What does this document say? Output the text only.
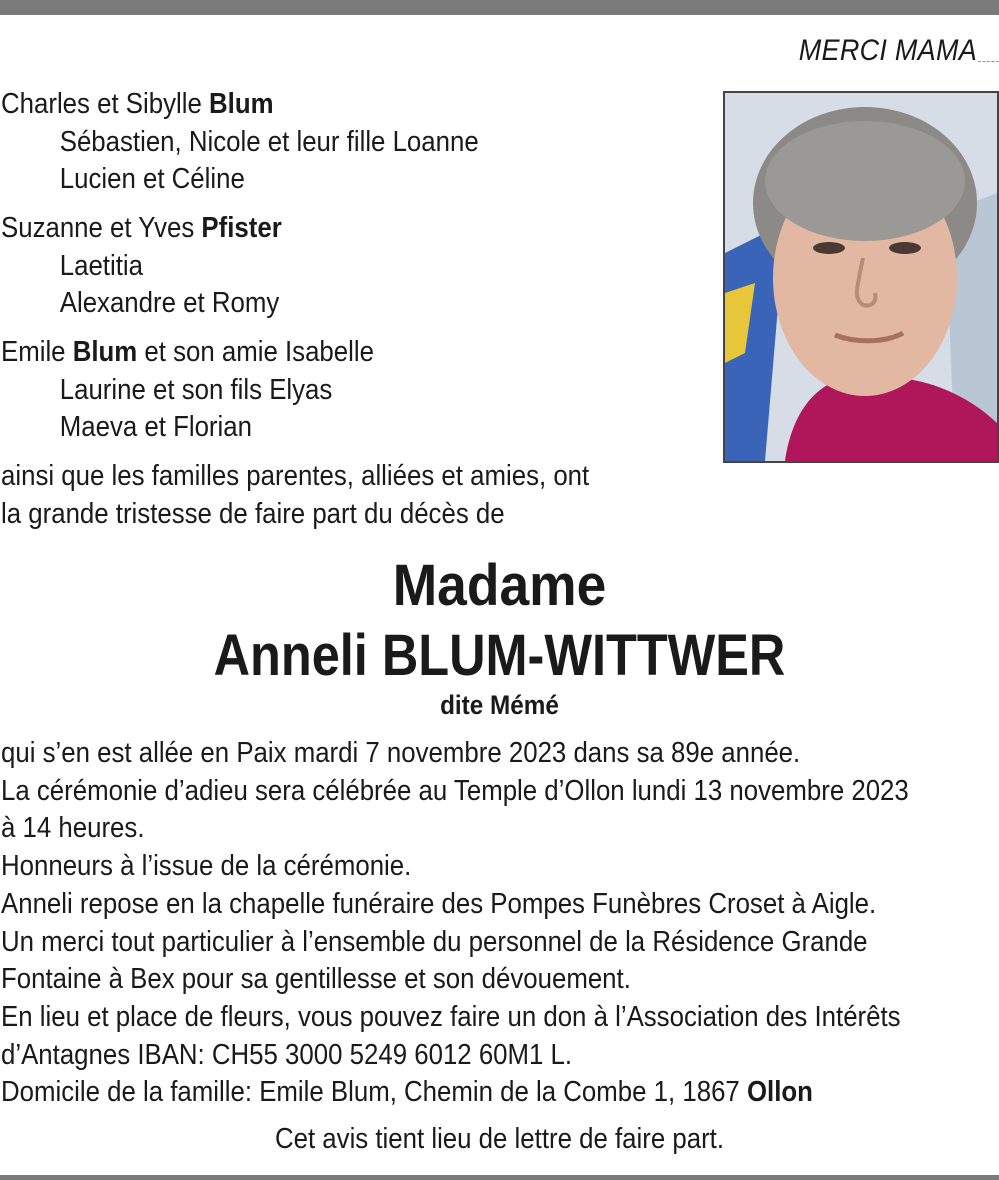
MERCI MAMA
Charles et Sibylle Blum
Sébastien, Nicole et leur fille Loanne
Lucien et Céline
Suzanne et Yves Pfister
Laetitia
Alexandre et Romy
Emile Blum et son amie Isabelle
Laurine et son fils Elyas
Maeva et Florian
ainsi que les familles parentes, alliées et amies, ont
la grande tristesse de faire part du décès de
Madame
Anneli BLUM-WITTWER
dite Mémé
qui s’en est allée en Paix mardi 7 novembre 2023 dans sa 89e année.
La cérémonie d’adieu sera célébrée au Temple d’Ollon lundi 13 novembre 2023
à 14 heures.
Honneurs à l’issue de la cérémonie.
Anneli repose en la chapelle funéraire des Pompes Funèbres Croset à Aigle.
Un merci tout particulier à l’ensemble du personnel de la Résidence Grande
Fontaine à Bex pour sa gentillesse et son dévouement.
En lieu et place de fleurs, vous pouvez faire un don à l’Association des Intérêts
d’Antagnes IBAN: CH55 3000 5249 6012 60M1 L.
Domicile de la famille: Emile Blum, Chemin de la Combe 1, 1867 Ollon
Cet avis tient lieu de lettre de faire part.
